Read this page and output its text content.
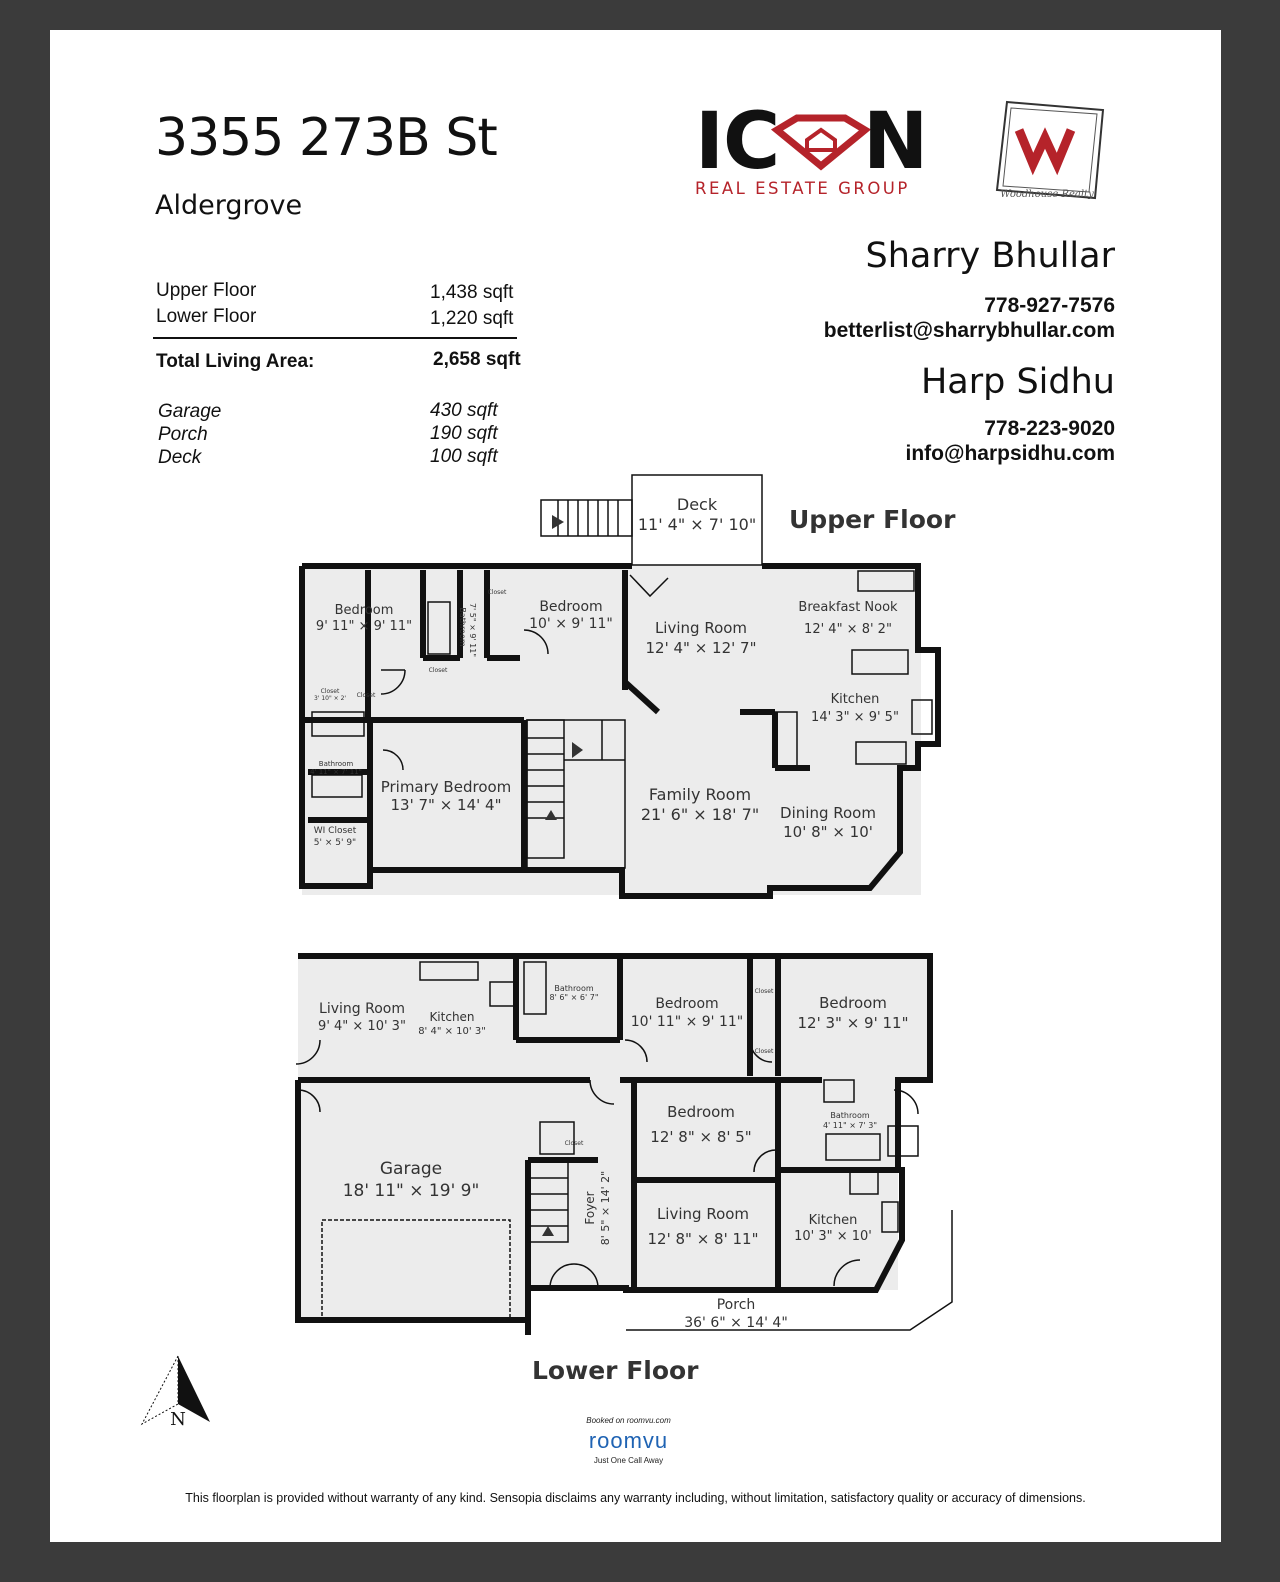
3355 273B St
Aldergrove
Upper Floor	1,438 sqft
Lower Floor	1,220 sqft
Total Living Area:	2,658 sqft
Garage	430 sqft
Porch	190 sqft
Deck	100 sqft
I
C N
REAL ESTATE GROUP	Woodhouse Realty
Sharry Bhullar
778-927-7576
betterlist@sharrybhullar.com
Harp Sidhu
778-223-9020
info@harpsidhu.com
Upper Floor
Lower Floor
Deck
11' 4" × 7' 10"
Bedroom
9' 11" × 9' 11"	Bathroom 7' 5" × 9' 11"	Bedroom
10' × 9' 11"	Living Room
12' 4" × 12' 7"
Breakfast Nook
12' 4" × 8' 2"
Kitchen
14' 3" × 9' 5"
Closet
3' 10" × 2' Closet
Closet
Closet
Bathroom
4' 11" × 7' 11"
Primary Bedroom
13' 7" × 14' 4"
WI Closet
5' × 5' 9"
Family Room
21' 6" × 18' 7" Dining Room
10' 8" × 10'
Living Room
9' 4" × 10' 3"
Kitchen
8' 4" × 10' 3"
Bathroom
8' 6" × 6' 7"	Bedroom
10' 11" × 9' 11"
Closet
Closet
Closet
Bedroom
12' 3" × 9' 11"
Garage
18' 11" × 19' 9"
Bedroom
12' 8" × 8' 5"
Bathroom
4' 11" × 7' 3"
Foyer 8' 5" × 14' 2"	Living Room
12' 8" × 8' 11"
Kitchen
10' 3" × 10'
Porch
36' 6" × 14' 4"
N	Booked on roomvu.com
roomvu
Just One Call Away
This floorplan is provided without warranty of any kind. Sensopia disclaims any warranty including, without limitation, satisfactory quality or accuracy of dimensions.
